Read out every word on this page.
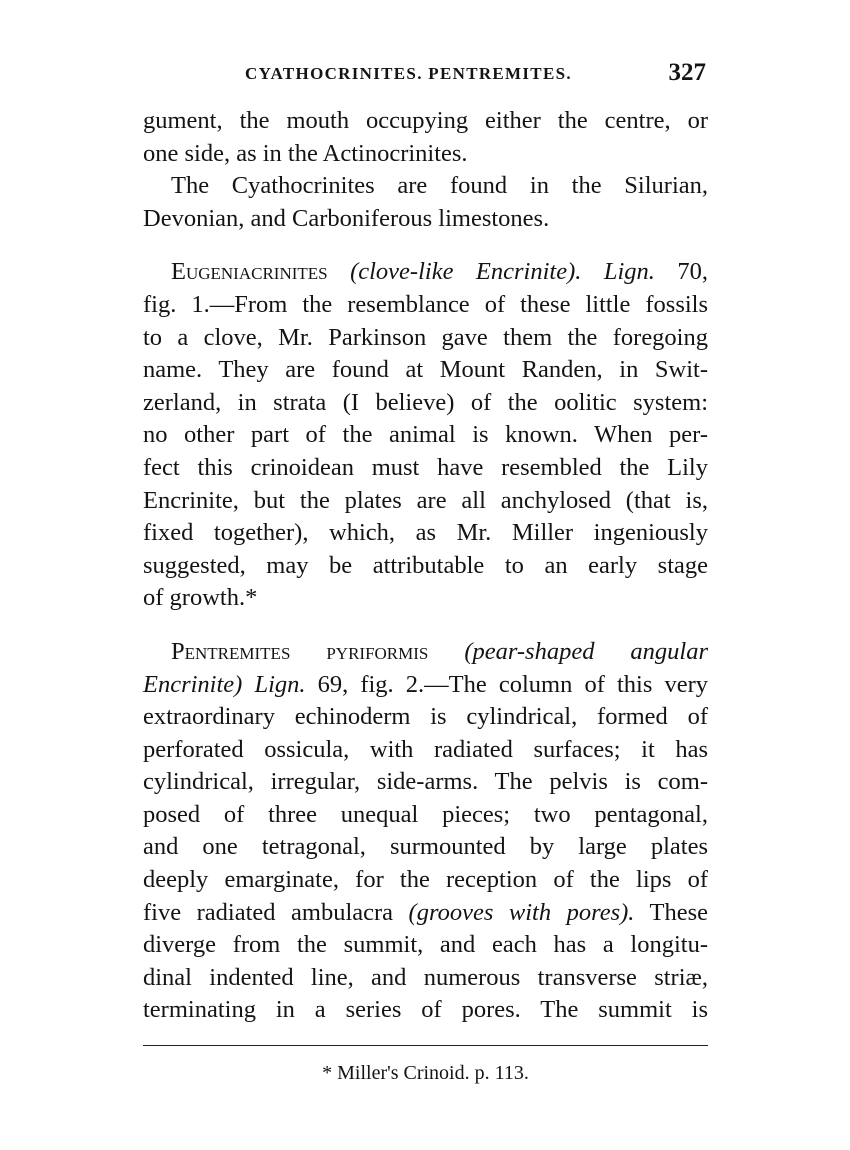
CYATHOCRINITES. PENTREMITES.	327

gument, the mouth occupying either the centre, or
one side, as in the Actinocrinites.

The Cyathocrinites are found in the Silurian,
Devonian, and Carboniferous limestones.

Eugeniacrinites (clove-like Encrinite). Lign. 70,
fig. 1.—From the resemblance of these little fossils
to a clove, Mr. Parkinson gave them the foregoing
name. They are found at Mount Randen, in Swit-
zerland, in strata (I believe) of the oolitic system:
no other part of the animal is known. When per-
fect this crinoidean must have resembled the Lily
Encrinite, but the plates are all anchylosed (that is,
fixed together), which, as Mr. Miller ingeniously
suggested, may be attributable to an early stage
of growth.*

Pentremites pyriformis (pear-shaped angular
Encrinite) Lign. 69, fig. 2.—The column of this very
extraordinary echinoderm is cylindrical, formed of
perforated ossicula, with radiated surfaces; it has
cylindrical, irregular, side-arms. The pelvis is com-
posed of three unequal pieces; two pentagonal,
and one tetragonal, surmounted by large plates
deeply emarginate, for the reception of the lips of
five radiated ambulacra (grooves with pores). These
diverge from the summit, and each has a longitu-
dinal indented line, and numerous transverse striæ,
terminating in a series of pores. The summit is

* Miller's Crinoid. p. 113.
